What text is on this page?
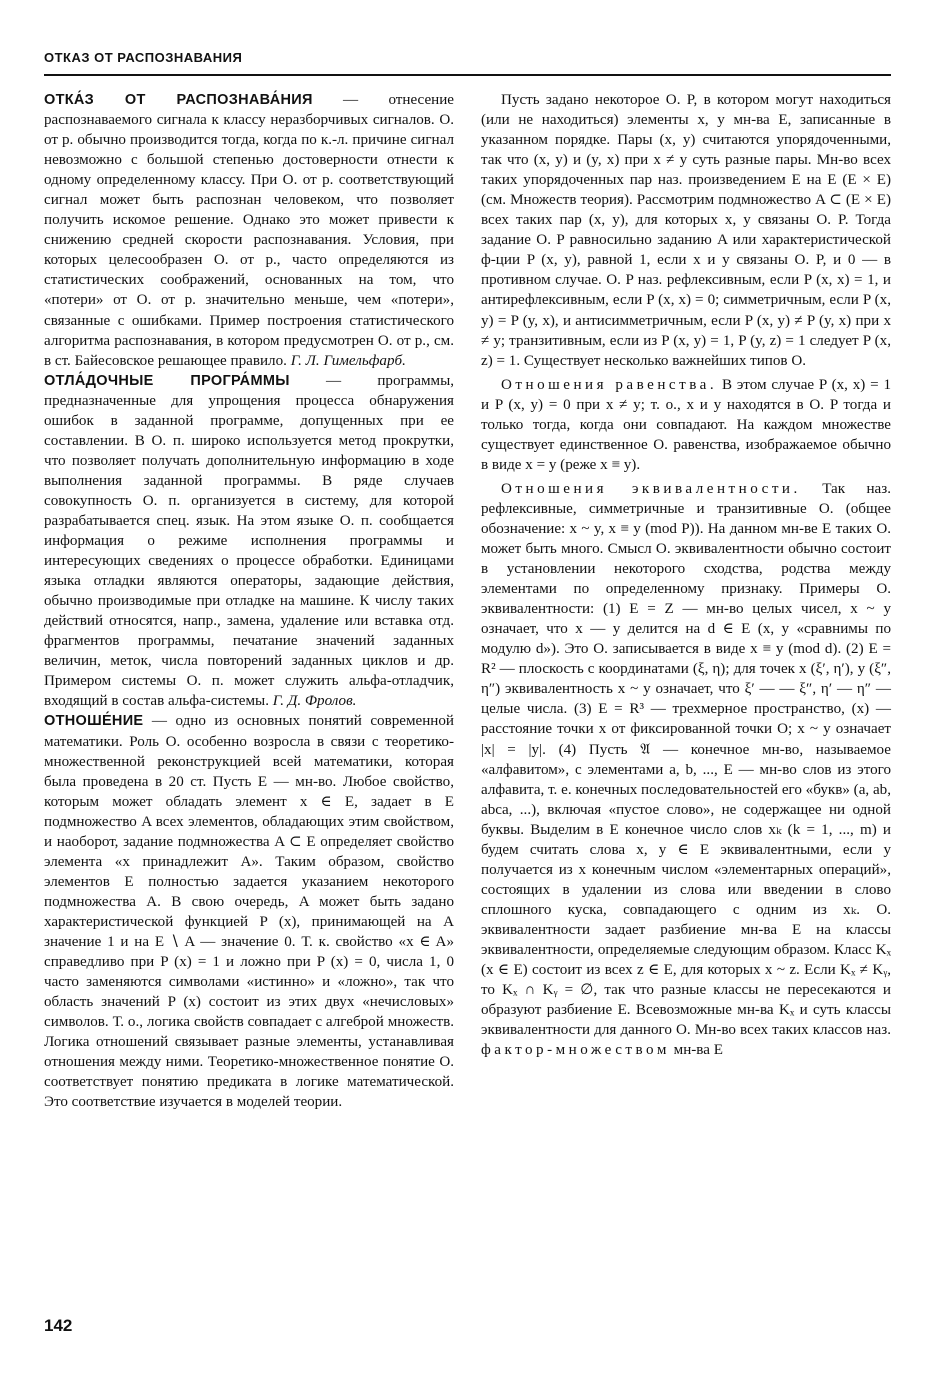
ОТКАЗ ОТ РАСПОЗНАВАНИЯ

ОТКА́З ОТ РАСПОЗНАВА́НИЯ — отнесение распознаваемого сигнала к классу неразборчивых сигналов. О. от р. обычно производится тогда, когда по к.-л. причине сигнал невозможно с большой степенью достоверности отнести к одному определенному классу. При О. от р. соответствующий сигнал может быть распознан человеком, что позволяет получить искомое решение. Однако это может привести к снижению средней скорости распознавания. Условия, при которых целесообразен О. от р., часто определяются из статистических соображений, основанных на том, что «потери» от О. от р. значительно меньше, чем «потери», связанные с ошибками. Пример построения статистического алгоритма распознавания, в котором предусмотрен О. от р., см. в ст. Байесовское решающее правило. Г. Л. Гимельфарб.

ОТЛА́ДОЧНЫЕ ПРОГРА́ММЫ — программы, предназначенные для упрощения процесса обнаружения ошибок в заданной программе, допущенных при ее составлении. В О. п. широко используется метод прокрутки, что позволяет получать дополнительную информацию в ходе выполнения заданной программы. В ряде случаев совокупность О. п. организуется в систему, для которой разрабатывается спец. язык. На этом языке О. п. сообщается информация о режиме исполнения программы и интересующих сведениях о процессе обработки. Единицами языка отладки являются операторы, задающие действия, обычно производимые при отладке на машине. К числу таких действий относятся, напр., замена, удаление или вставка отд. фрагментов программы, печатание значений заданных величин, меток, числа повторений заданных циклов и др. Примером системы О. п. может служить альфа-отладчик, входящий в состав альфа-системы. Г. Д. Фролов.

ОТНОШЕ́НИЕ — одно из основных понятий современной математики. Роль О. особенно возросла в связи с теоретико-множественной реконструкцией всей математики, которая была проведена в 20 ст. Пусть E — мн-во. Любое свойство, которым может обладать элемент x ∈ E, задает в E подмножество A всех элементов, обладающих этим свойством, и наоборот, задание подмножества A ⊂ E определяет свойство элемента «x принадлежит A». Таким образом, свойство элементов E полностью задается указанием некоторого подмножества A. В свою очередь, A может быть задано характеристической функцией P (x), принимающей на A значение 1 и на E ∖ A — значение 0. Т. к. свойство «x ∈ A» справедливо при P (x) = 1 и ложно при P (x) = 0, числа 1, 0 часто заменяются символами «истинно» и «ложно», так что область значений P (x) состоит из этих двух «нечисловых» символов. Т. о., логика свойств совпадает с алгеброй множеств. Логика отношений связывает разные элементы, устанавливая отношения между ними. Теоретико-множественное понятие О. соответствует понятию предиката в логике математической. Это соответствие изучается в моделей теории.

Пусть задано некоторое О. P, в котором могут находиться (или не находиться) элементы x, y мн-ва E, записанные в указанном порядке. Пары (x, y) считаются упорядоченными, так что (x, y) и (y, x) при x ≠ y суть разные пары. Мн-во всех таких упорядоченных пар наз. произведением E на E (E × E) (см. Множеств теория). Рассмотрим подмножество A ⊂ (E × E) всех таких пар (x, y), для которых x, y связаны О. P. Тогда задание О. P равносильно заданию A или характеристической ф-ции P (x, y), равной 1, если x и y связаны О. P, и 0 — в противном случае. О. P наз. рефлексивным, если P (x, x) = 1, и антирефлексивным, если P (x, x) = 0; симметричным, если P (x, y) = P (y, x), и антисимметричным, если P (x, y) ≠ P (y, x) при x ≠ y; транзитивным, если из P (x, y) = 1, P (y, z) = 1 следует P (x, z) = 1. Существует несколько важнейших типов О.

Отношения равенства. В этом случае P (x, x) = 1 и P (x, y) = 0 при x ≠ y; т. о., x и y находятся в О. P тогда и только тогда, когда они совпадают. На каждом множестве существует единственное О. равенства, изображаемое обычно в виде x = y (реже x ≡ y).

Отношения эквивалентности. Так наз. рефлексивные, симметричные и транзитивные О. (общее обозначение: x ~ y, x ≡ y (mod P)). На данном мн-ве E таких О. может быть много. Смысл О. эквивалентности обычно состоит в установлении некоторого сходства, родства между элементами по определенному признаку. Примеры О. эквивалентности: (1) E = Z — мн-во целых чисел, x ~ y означает, что x — y делится на d ∈ E (x, y «сравнимы по модулю d»). Это О. записывается в виде x ≡ y (mod d). (2) E = R² — плоскость с координатами (ξ, η); для точек x (ξ′, η′), y (ξ″, η″) эквивалентность x ~ y означает, что ξ′ — — ξ″, η′ — η″ — целые числа. (3) E = R³ — трехмерное пространство, (x) — расстояние точки x от фиксированной точки O; x ~ y означает |x| = |y|. (4) Пусть 𝔄 — конечное мн-во, называемое «алфавитом», с элементами a, b, ..., E — мн-во слов из этого алфавита, т. е. конечных последовательностей его «букв» (a, ab, abca, ...), включая «пустое слово», не содержащее ни одной буквы. Выделим в E конечное число слов xₖ (k = 1, ..., m) и будем считать слова x, y ∈ E эквивалентными, если y получается из x конечным числом «элементарных операций», состоящих в удалении из слова или введении в слово сплошного куска, совпадающего с одним из xₖ. О. эквивалентности задает разбиение мн-ва E на классы эквивалентности, определяемые следующим образом. Класс Kₓ (x ∈ E) состоит из всех z ∈ E, для которых x ~ z. Если Kₓ ≠ Kᵧ, то Kₓ ∩ Kᵧ = ∅, так что разные классы не пересекаются и образуют разбиение E. Всевозможные мн-ва Kₓ и суть классы эквивалентности для данного О. Мн-во всех таких классов наз. фактор-множеством мн-ва E

142
